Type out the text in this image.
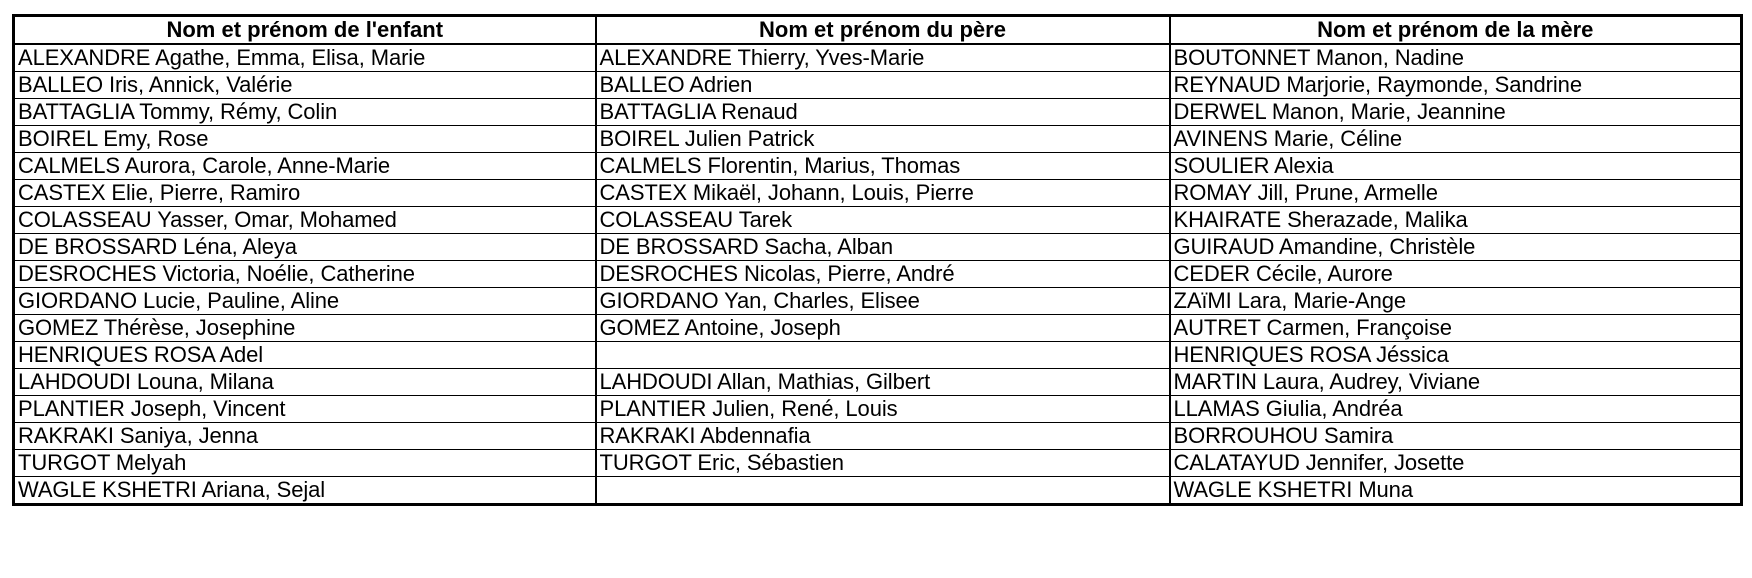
Nom et prénom de l'enfant	Nom et prénom du père	Nom et prénom de la mère
ALEXANDRE Agathe, Emma, Elisa, Marie	ALEXANDRE Thierry, Yves-Marie	BOUTONNET Manon, Nadine
BALLEO Iris, Annick, Valérie	BALLEO Adrien	REYNAUD Marjorie, Raymonde, Sandrine
BATTAGLIA Tommy, Rémy, Colin	BATTAGLIA Renaud	DERWEL Manon, Marie, Jeannine
BOIREL Emy, Rose	BOIREL Julien Patrick	AVINENS Marie, Céline
CALMELS Aurora, Carole, Anne-Marie	CALMELS Florentin, Marius, Thomas	SOULIER Alexia
CASTEX Elie, Pierre, Ramiro	CASTEX Mikaël, Johann, Louis, Pierre	ROMAY Jill, Prune, Armelle
COLASSEAU Yasser, Omar, Mohamed	COLASSEAU Tarek	KHAIRATE Sherazade, Malika
DE BROSSARD Léna, Aleya	DE BROSSARD Sacha, Alban	GUIRAUD Amandine, Christèle
DESROCHES Victoria, Noélie, Catherine	DESROCHES Nicolas, Pierre, André	CEDER Cécile, Aurore
GIORDANO Lucie, Pauline, Aline	GIORDANO Yan, Charles, Elisee	ZAïMI Lara, Marie-Ange
GOMEZ Thérèse, Josephine	GOMEZ Antoine, Joseph	AUTRET Carmen, Françoise
HENRIQUES ROSA Adel		HENRIQUES ROSA Jéssica
LAHDOUDI Louna, Milana	LAHDOUDI Allan, Mathias, Gilbert	MARTIN Laura, Audrey, Viviane
PLANTIER Joseph, Vincent	PLANTIER Julien, René, Louis	LLAMAS Giulia, Andréa
RAKRAKI Saniya, Jenna	RAKRAKI Abdennafia	BORROUHOU Samira
TURGOT Melyah	TURGOT Eric, Sébastien	CALATAYUD Jennifer, Josette
WAGLE KSHETRI Ariana, Sejal		WAGLE KSHETRI Muna
